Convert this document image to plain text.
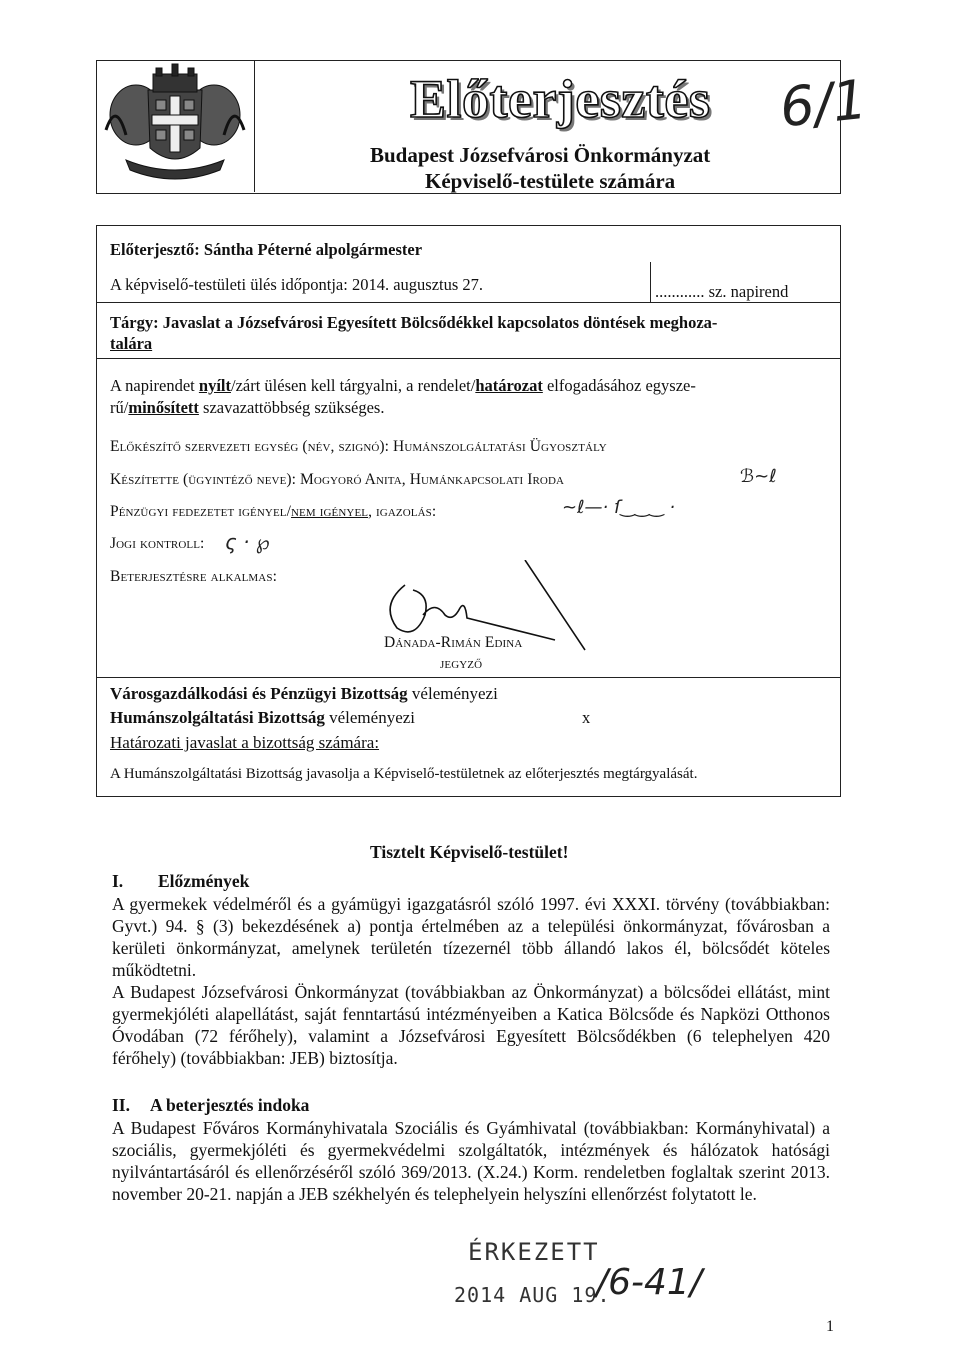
Előterjesztés
Budapest Józsefvárosi Önkormányzat
Képviselő-testülete számára
6/1
Előterjesztő: Sántha Péterné alpolgármester
A képviselő-testületi ülés időpontja: 2014. augusztus 27.	............ sz. napirend
Tárgy: Javaslat a Józsefvárosi Egyesített Bölcsődékkel kapcsolatos döntések meghoza-
talára
A napirendet nyílt/zárt ülésen kell tárgyalni, a rendelet/határozat elfogadásához egysze-
rű/minősített szavazattöbbség szükséges.
Előkészítő szervezeti egység (név, szignó): Humánszolgáltatási Ügyosztály
Készítette (ügyintéző neve): Mogyoró Anita, Humánkapcsolati Iroda	ℬ~ℓ
Pénzügyi fedezetet igényel/nem igényel, igazolás:	~ℓ—· ſ‿‿‿ ·
Jogi kontroll: ς · ℘
Beterjesztésre alkalmas:
Dánada-Rimán Edina
jegyző
Városgazdálkodási és Pénzügyi Bizottság véleményezi
Humánszolgáltatási Bizottság véleményezi	x
Határozati javaslat a bizottság számára:
A Humánszolgáltatási Bizottság javasolja a Képviselő-testületnek az előterjesztés megtárgyalását.
Tisztelt Képviselő-testület!
I. Előzmények
A gyermekek védelméről és a gyámügyi igazgatásról szóló 1997. évi XXXI. törvény (továbbiakban: Gyvt.) 94. § (3) bekezdésének a) pontja értelmében az a települési önkormányzat, fővárosban a kerületi önkormányzat, amelynek területén tízezernél több állandó lakos él, bölcsődét köteles működtetni.
A Budapest Józsefvárosi Önkormányzat (továbbiakban az Önkormányzat) a bölcsődei ellátást, mint gyermekjóléti alapellátást, saját fenntartású intézményeiben a Katica Bölcsőde és Napközi Otthonos Óvodában (72 férőhely), valamint a Józsefvárosi Egyesített Bölcsődékben (6 telephelyen 420 férőhely) (továbbiakban: JEB) biztosítja.
II. A beterjesztés indoka
A Budapest Főváros Kormányhivatala Szociális és Gyámhivatal (továbbiakban: Kormányhivatal) a szociális, gyermekjóléti és gyermekvédelmi szolgáltatók, intézmények és hálózatok hatósági nyilvántartásáról és ellenőrzéséről szóló 369/2013. (X.24.) Korm. rendeletben foglaltak szerint 2013. november 20-21. napján a JEB székhelyén és telephelyein helyszíni ellenőrzést folytatott le.
ÉRKEZETT
2014 AUG 19.
/6-41/
1
